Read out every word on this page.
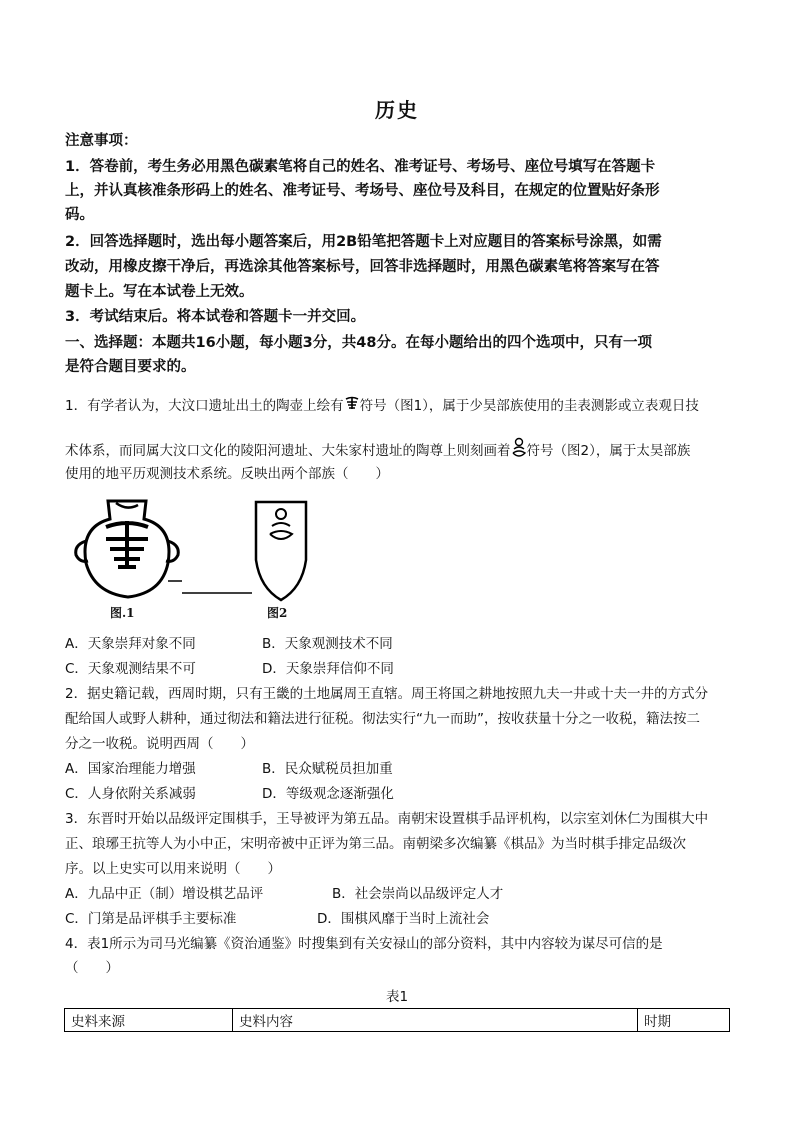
历史
注意事项：
1．答卷前，考生务必用黑色碳素笔将自己的姓名、准考证号、考场号、座位号填写在答题卡
上，并认真核准条形码上的姓名、准考证号、考场号、座位号及科目，在规定的位置贴好条形
码。
2．回答选择题时，选出每小题答案后，用2B铅笔把答题卡上对应题目的答案标号涂黑，如需
改动，用橡皮擦干净后，再选涂其他答案标号，回答非选择题时，用黑色碳素笔将答案写在答
题卡上。写在本试卷上无效。
3．考试结束后。将本试卷和答题卡一并交回。
一、选择题：本题共16小题，每小题3分，共48分。在每小题给出的四个选项中，只有一项
是符合题目要求的。
1．有学者认为，大汶口遗址出土的陶壶上绘有 符号（图1），属于少昊部族使用的圭表测影或立表观日技
术体系，而同属大汶口文化的陵阳河遗址、大朱家村遗址的陶尊上则刻画着 符号（图2），属于太昊部族
使用的地平历观测技术系统。反映出两个部族（　　）
图.1	图2
A．天象崇拜对象不同	B．天象观测技术不同
C．天象观测结果不可	D．天象崇拜信仰不同
2．据史籍记载，西周时期，只有王畿的土地属周王直辖。周王将国之耕地按照九夫一井或十夫一井的方式分
配给国人或野人耕种，通过彻法和籍法进行征税。彻法实行“九一而助”，按收获量十分之一收税，籍法按二
分之一收税。说明西周（　　）
A．国家治理能力增强	B．民众赋税员担加重
C．人身依附关系减弱	D．等级观念逐渐强化
3．东晋时开始以品级评定围棋手，王导被评为第五品。南朝宋设置棋手品评机构，以宗室刘休仁为围棋大中
正、琅琊王抗等人为小中正，宋明帝被中正评为第三品。南朝梁多次编纂《棋品》为当时棋手排定品级次
序。以上史实可以用来说明（　　）
A．九品中正（制）增设棋艺品评	B．社会崇尚以品级评定人才
C．门第是品评棋手主要标准	D．围棋风靡于当时上流社会
4．表1所示为司马光编纂《资治通鉴》时搜集到有关安禄山的部分资料，其中内容较为谋尽可信的是
（　　）
表1
史料来源	史料内容	时期
